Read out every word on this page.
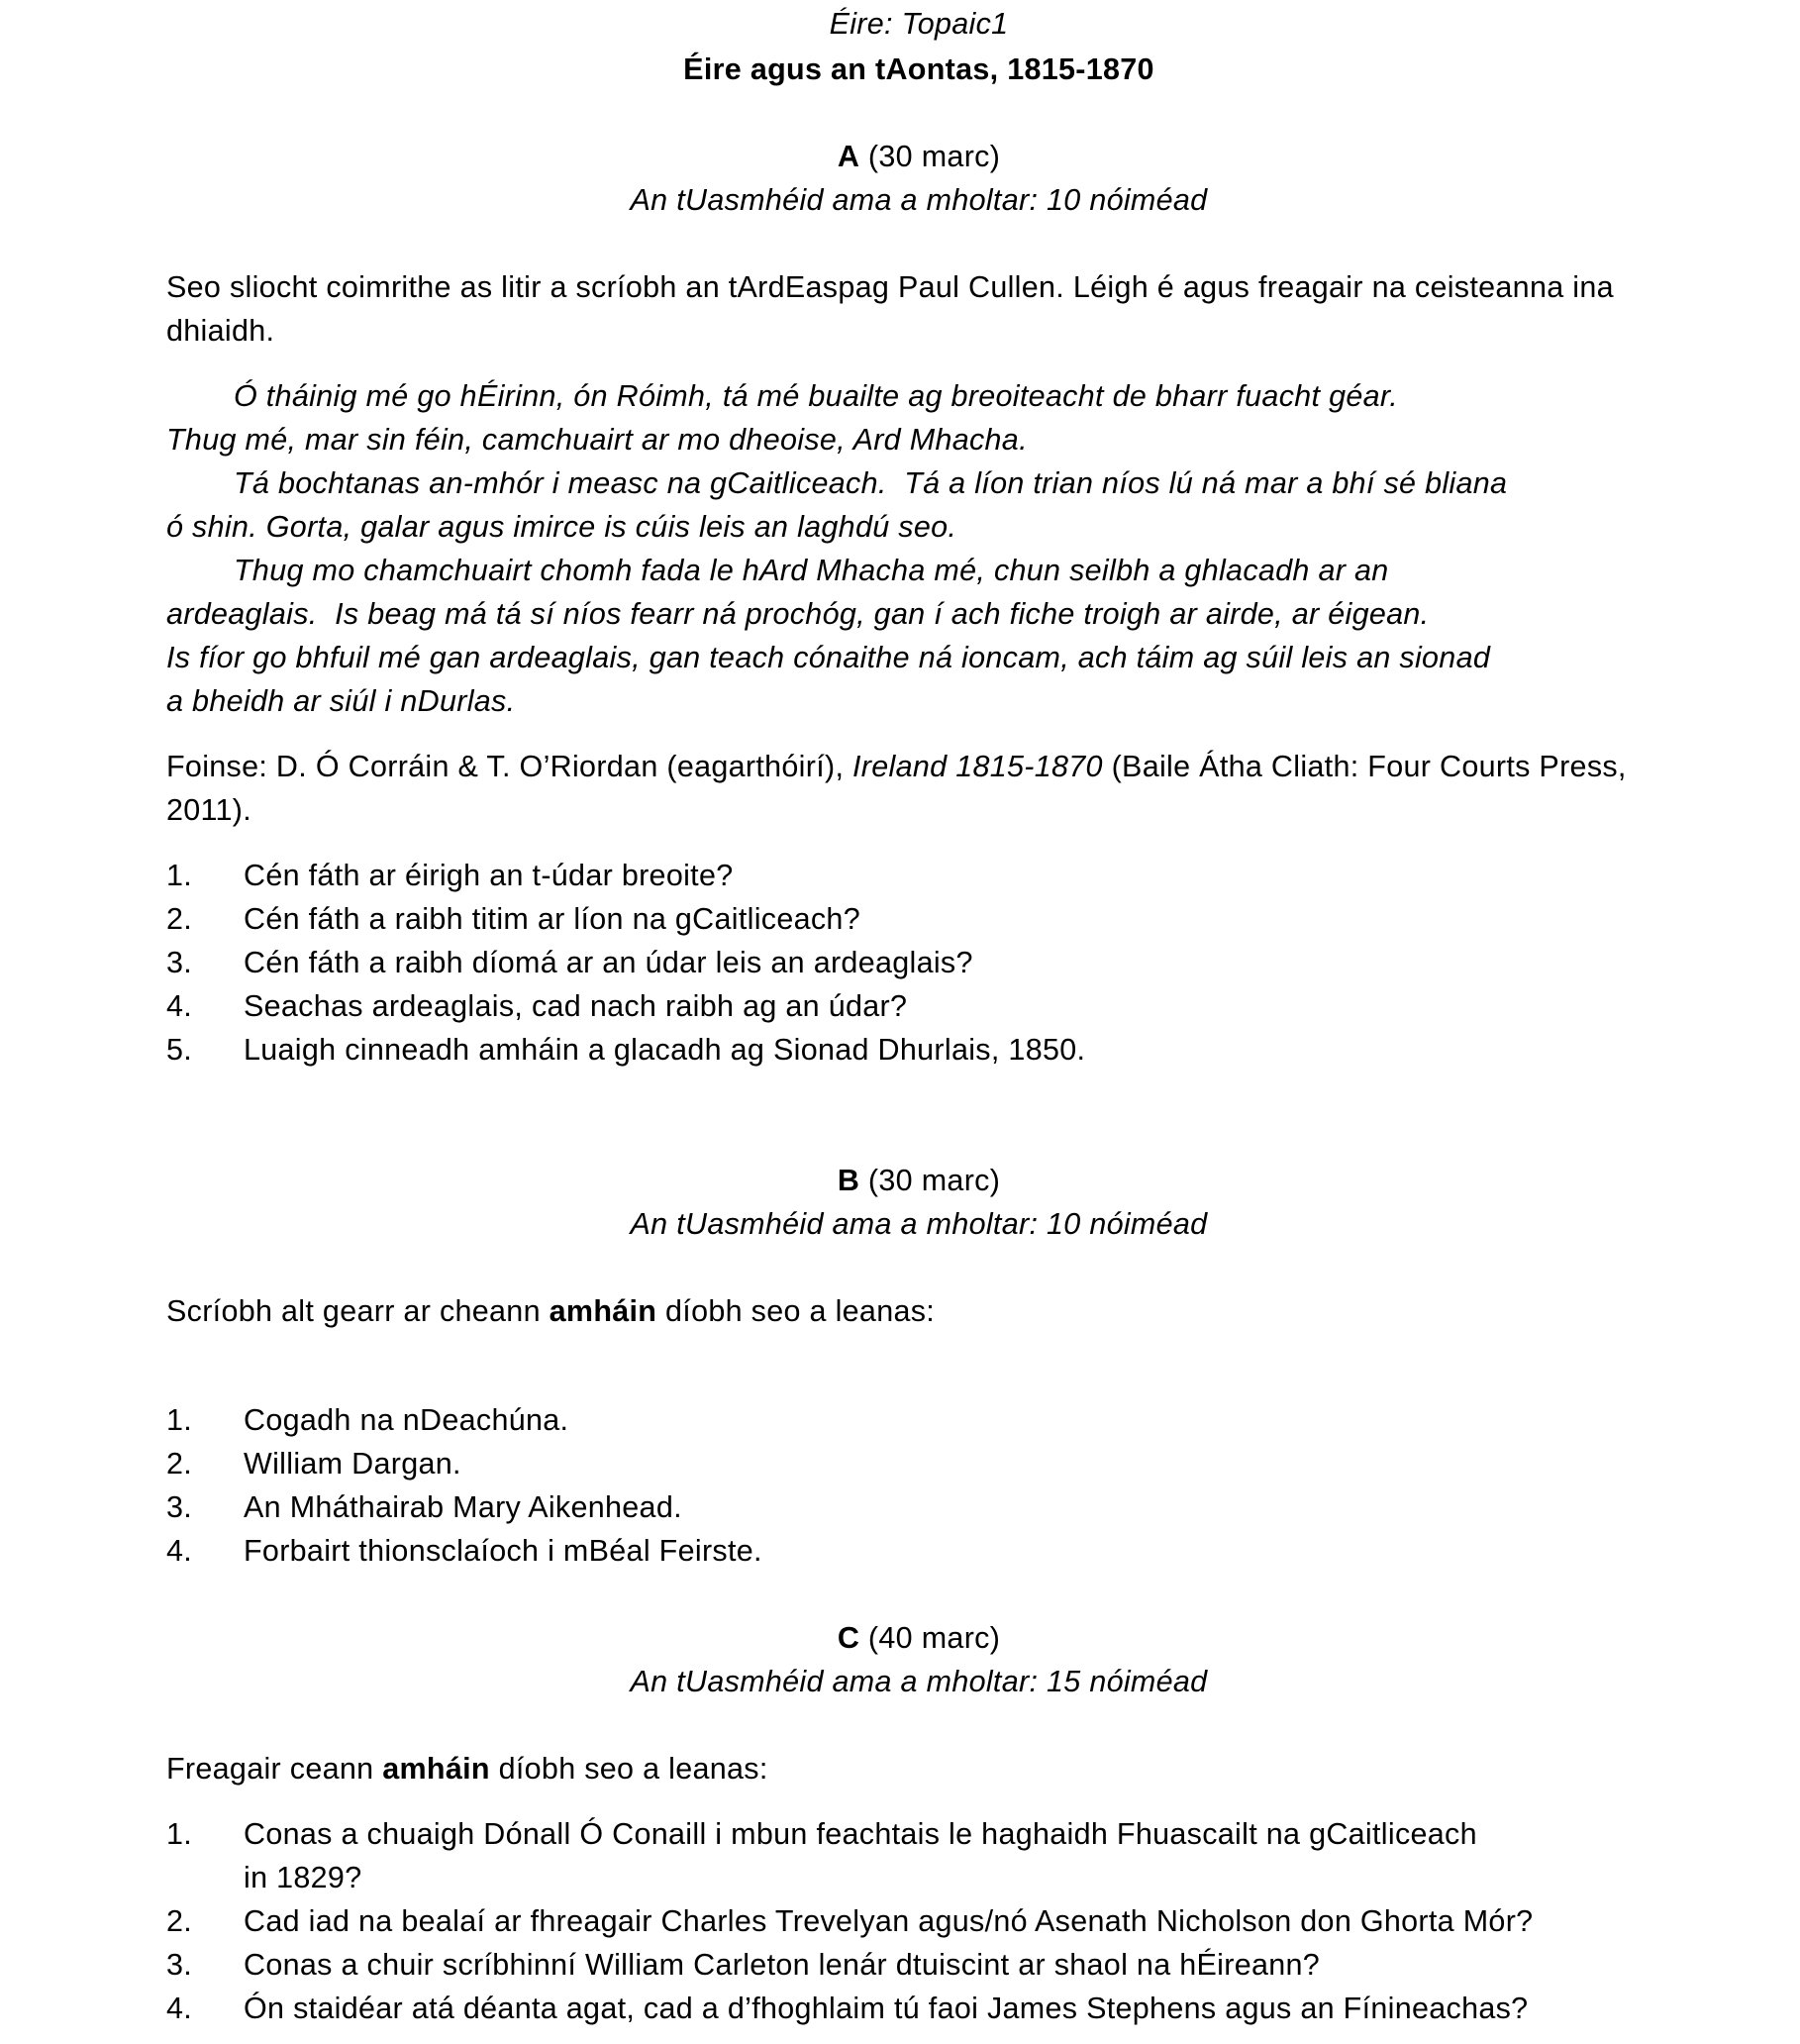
Éire: Topaic1
Éire agus an tAontas, 1815-1870
A (30 marc)
An tUasmhéid ama a mholtar: 10 nóiméad

Seo sliocht coimrithe as litir a scríobh an tArdEaspag Paul Cullen. Léigh é agus freagair na ceisteanna ina dhiaidh.

Ó tháinig mé go hÉirinn, ón Róimh, tá mé buailte ag breoiteacht de bharr fuacht géar.

Thug mé, mar sin féin, camchuairt ar mo dheoise, Ard Mhacha.

Tá bochtanas an-mhór i measc na gCaitliceach.  Tá a líon trian níos lú ná mar a bhí sé bliana

ó shin. Gorta, galar agus imirce is cúis leis an laghdú seo.

Thug mo chamchuairt chomh fada le hArd Mhacha mé, chun seilbh a ghlacadh ar an

ardeaglais.  Is beag má tá sí níos fearr ná prochóg, gan í ach fiche troigh ar airde, ar éigean.

Is fíor go bhfuil mé gan ardeaglais, gan teach cónaithe ná ioncam, ach táim ag súil leis an sionad

a bheidh ar siúl i nDurlas.

Foinse: D. Ó Corráin & T. O’Riordan (eagarthóirí), Ireland 1815-1870 (Baile Átha Cliath: Four Courts Press, 2011).

1.	Cén fáth ar éirigh an t-údar breoite?
2.	Cén fáth a raibh titim ar líon na gCaitliceach?
3.	Cén fáth a raibh díomá ar an údar leis an ardeaglais?
4.	Seachas ardeaglais, cad nach raibh ag an údar?
5.	Luaigh cinneadh amháin a glacadh ag Sionad Dhurlais, 1850.
B (30 marc)
An tUasmhéid ama a mholtar: 10 nóiméad

Scríobh alt gearr ar cheann amháin díobh seo a leanas:

1.	Cogadh na nDeachúna.
2.	William Dargan.
3.	An Mháthairab Mary Aikenhead.
4.	Forbairt thionsclaíoch i mBéal Feirste.
C (40 marc)
An tUasmhéid ama a mholtar: 15 nóiméad

Freagair ceann amháin díobh seo a leanas:

1.	Conas a chuaigh Dónall Ó Conaill i mbun feachtais le haghaidh Fhuascailt na gCaitliceach
in 1829?
2.	Cad iad na bealaí ar fhreagair Charles Trevelyan agus/nó Asenath Nicholson don Ghorta Mór?
3.	Conas a chuir scríbhinní William Carleton lenár dtuiscint ar shaol na hÉireann?
4.	Ón staidéar atá déanta agat, cad a d’fhoghlaim tú faoi James Stephens agus an Fínineachas?
